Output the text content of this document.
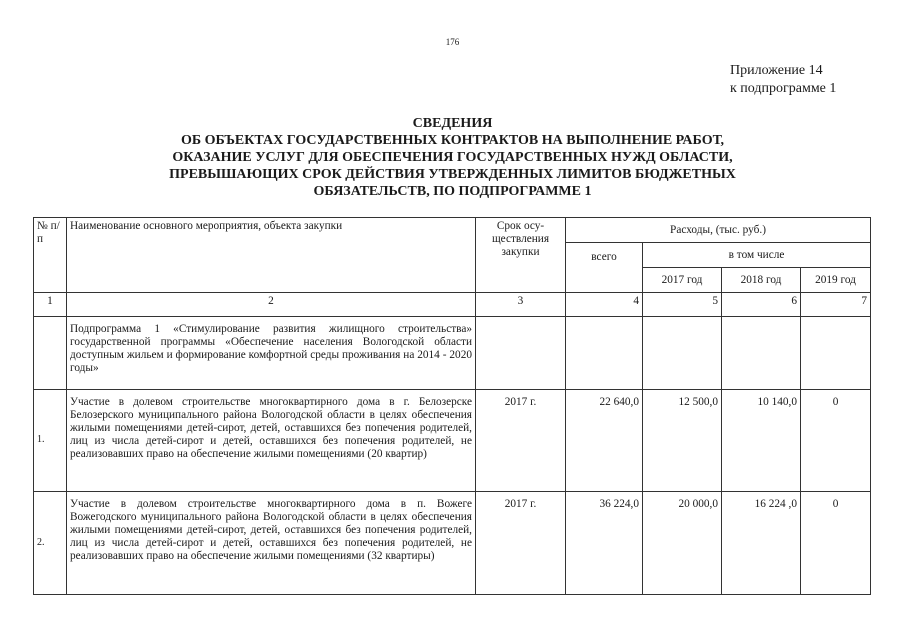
176
Приложение 14
к подпрограмме 1
СВЕДЕНИЯ
ОБ ОБЪЕКТАХ ГОСУДАРСТВЕННЫХ КОНТРАКТОВ НА ВЫПОЛНЕНИЕ РАБОТ,
ОКАЗАНИЕ УСЛУГ ДЛЯ ОБЕСПЕЧЕНИЯ ГОСУДАРСТВЕННЫХ НУЖД ОБЛАСТИ,
ПРЕВЫШАЮЩИХ СРОК ДЕЙСТВИЯ УТВЕРЖДЕННЫХ ЛИМИТОВ БЮДЖЕТНЫХ
ОБЯЗАТЕЛЬСТВ, ПО ПОДПРОГРАММЕ 1
№ п/п	Наименование основного мероприятия, объекта закупки	Срок осу-ществления закупки	Расходы, (тыс. руб.)			
			всего	в том числе		
				2017 год	2018 год	2019 год
1	2	3	4	5	6	7
	Подпрограмма 1 «Стимулирование развития жилищного строительства» государственной программы «Обеспечение населения Вологодской области доступным жильем и формирование комфортной среды проживания на 2014 - 2020 годы»					
1.	Участие в долевом строительстве многоквартирного дома в г. Белозерске Белозерского муниципального района Вологодской области в целях обеспечения жилыми помещениями детей-сирот, детей, оставшихся без попечения родителей, лиц из числа детей-сирот и детей, оставшихся без попечения родителей, не реализовавших право на обеспечение жилыми помещениями (20 квартир)	2017 г.	22 640,0	12 500,0	10 140,0	0
2.	Участие в долевом строительстве многоквартирного дома в п. Вожеге Вожегодского муниципального района Вологодской области в целях обеспечения жилыми помещениями детей-сирот, детей, оставшихся без попечения родителей, лиц из числа детей-сирот и детей, оставшихся без попечения родителей, не реализовавших право на обеспечение жилыми помещениями (32 квартиры)	2017 г.	36 224,0	20 000,0	16 224 ,0	0
